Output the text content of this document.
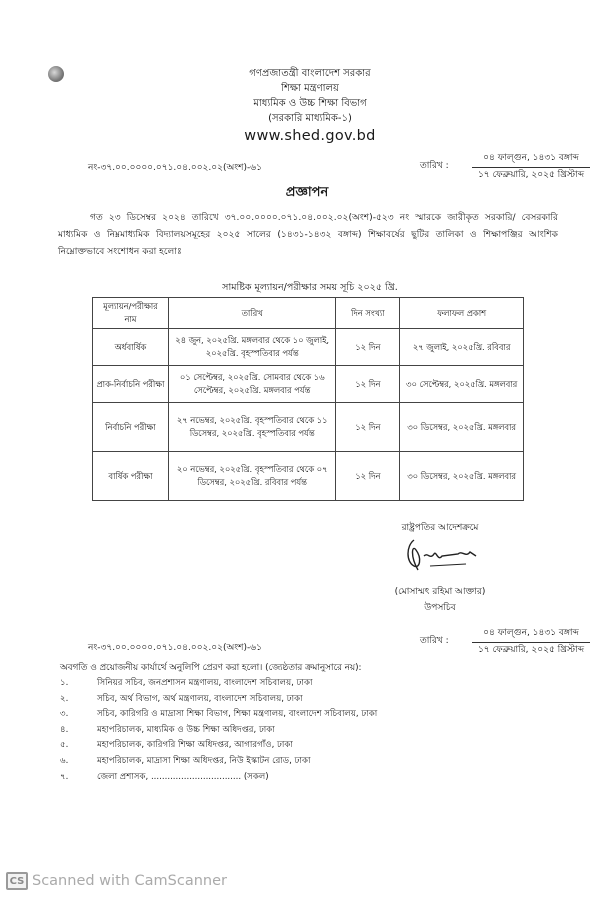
গণপ্রজাতন্ত্রী বাংলাদেশ সরকার
শিক্ষা মন্ত্রণালয়
মাধ্যমিক ও উচ্চ শিক্ষা বিভাগ
(সরকারি মাধ্যমিক-১)
www.shed.gov.bd
নং-৩৭.০০.০০০০.০৭১.০৪.০০২.০২(অংশ)-৬১	তারিখ :
০৪ ফাল্গুন, ১৪৩১ বঙ্গাব্দ
১৭ ফেব্রুয়ারি, ২০২৫ খ্রিস্টাব্দ
প্রজ্ঞাপন
গত ২৩ ডিসেম্বর ২০২৪ তারিখে ৩৭.০০.০০০০.০৭১.০৪.০০২.০২(অংশ)-৫২৩ নং স্মারকে জারীকৃত সরকারি/ বেসরকারি মাধ্যমিক ও নিম্নমাধ্যমিক বিদ্যালয়সমূহের ২০২৫ সালের (১৪৩১-১৪৩২ বঙ্গাব্দ) শিক্ষাবর্ষের ছুটির তালিকা ও শিক্ষাপঞ্জির আংশিক নিম্নোক্তভাবে সংশোধন করা হলোঃ
সামষ্টিক মূল্যায়ন/পরীক্ষার সময় সূচি ২০২৫ খ্রি.
মূল্যায়ন/পরীক্ষার নাম	তারিখ	দিন সংখ্যা	ফলাফল প্রকাশ
অর্ধবার্ষিক	২৪ জুন, ২০২৫খ্রি. মঙ্গলবার থেকে ১০ জুলাই, ২০২৫খ্রি. বৃহস্পতিবার পর্যন্ত	১২ দিন	২৭ জুলাই, ২০২৫খ্রি. রবিবার
প্রাক-নির্বাচনি পরীক্ষা	০১ সেপ্টেম্বর, ২০২৫খ্রি. সোমবার থেকে ১৬ সেপ্টেম্বর, ২০২৫খ্রি. মঙ্গলবার পর্যন্ত	১২ দিন	৩০ সেপ্টেম্বর, ২০২৫খ্রি. মঙ্গলবার
নির্বাচনি পরীক্ষা	২৭ নভেম্বর, ২০২৫খ্রি. বৃহস্পতিবার থেকে ১১ ডিসেম্বর, ২০২৫খ্রি. বৃহস্পতিবার পর্যন্ত	১২ দিন	৩০ ডিসেম্বর, ২০২৫খ্রি. মঙ্গলবার
বার্ষিক পরীক্ষা	২০ নভেম্বর, ২০২৫খ্রি. বৃহস্পতিবার থেকে ০৭ ডিসেম্বর, ২০২৫খ্রি. রবিবার পর্যন্ত	১২ দিন	৩০ ডিসেম্বর, ২০২৫খ্রি. মঙ্গলবার
রাষ্ট্রপতির আদেশক্রমে
(মোসাম্মৎ রহিমা আক্তার)
উপসচিব
নং-৩৭.০০.০০০০.০৭১.০৪.০০২.০২(অংশ)-৬১
তারিখ :
০৪ ফাল্গুন, ১৪৩১ বঙ্গাব্দ
১৭ ফেব্রুয়ারি, ২০২৫ খ্রিস্টাব্দ
অবগতি ও প্রয়োজনীয় কার্যার্থে অনুলিপি প্রেরণ করা হলো। (জ্যেষ্ঠতার ক্রমানুসারে নয়):
১.	সিনিয়র সচিব, জনপ্রশাসন মন্ত্রণালয়, বাংলাদেশ সচিবালয়, ঢাকা
২.	সচিব, অর্থ বিভাগ, অর্থ মন্ত্রণালয়, বাংলাদেশ সচিবালয়, ঢাকা
৩.	সচিব, কারিগরি ও মাদ্রাসা শিক্ষা বিভাগ, শিক্ষা মন্ত্রণালয়, বাংলাদেশ সচিবালয়, ঢাকা
৪.	মহাপরিচালক, মাধ্যমিক ও উচ্চ শিক্ষা অধিদপ্তর, ঢাকা
৫.	মহাপরিচালক, কারিগরি শিক্ষা অধিদপ্তর, আগারগাঁও, ঢাকা
৬.	মহাপরিচালক, মাদ্রাসা শিক্ষা অধিদপ্তর, নিউ ইস্কাটন রোড, ঢাকা
৭.	জেলা প্রশাসক, ................................. (সকল)
CS Scanned with CamScanner
